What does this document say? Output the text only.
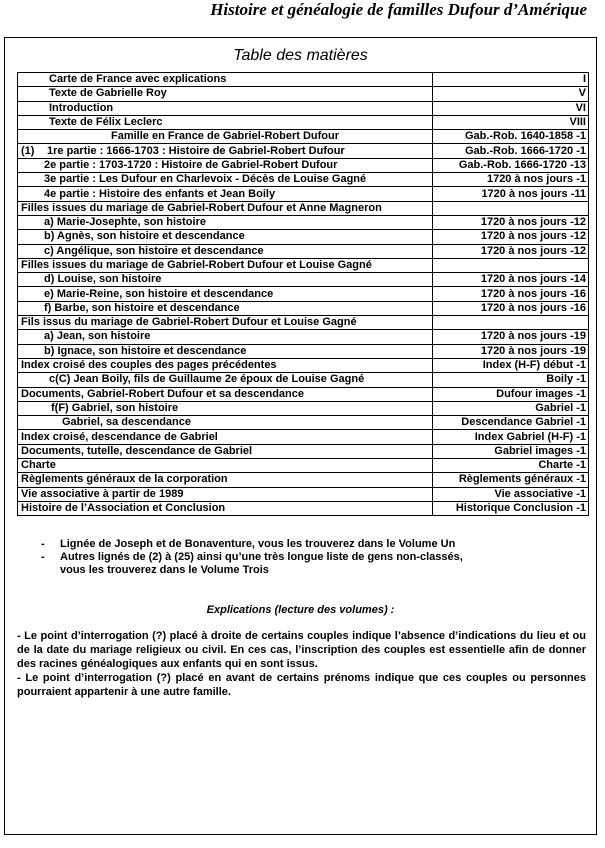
Histoire et généalogie de familles Dufour d’Amérique
Table des matières
Carte de France avec explications	I
Texte de Gabrielle Roy	V
Introduction	VI
Texte de Félix Leclerc	VIII
Famille en France de Gabriel-Robert Dufour	Gab.-Rob. 1640-1858 -1
(1) 1re partie : 1666-1703 : Histoire de Gabriel-Robert Dufour	Gab.-Rob. 1666-1720 -1
2e partie : 1703-1720 : Histoire de Gabriel-Robert Dufour	Gab.-Rob. 1666-1720 -13
3e partie : Les Dufour en Charlevoix - Décès de Louise Gagné	1720 à nos jours -1
4e partie : Histoire des enfants et Jean Boily	1720 à nos jours -11
Filles issues du mariage de Gabriel-Robert Dufour et Anne Magneron	
a) Marie-Josephte, son histoire	1720 à nos jours -12
b) Agnès, son histoire et descendance	1720 à nos jours -12
c) Angélique, son histoire et descendance	1720 à nos jours -12
Filles issues du mariage de Gabriel-Robert Dufour et Louise Gagné	
d) Louise, son histoire	1720 à nos jours -14
e) Marie-Reine, son histoire et descendance	1720 à nos jours -16
f) Barbe, son histoire et descendance	1720 à nos jours -16
Fils issus du mariage de Gabriel-Robert Dufour et Louise Gagné	
a) Jean, son histoire	1720 à nos jours -19
b) Ignace, son histoire et descendance	1720 à nos jours -19
Index croisé des couples des pages précédentes	Index (H-F) début -1
c(C) Jean Boily, fils de Guillaume 2e époux de Louise Gagné	Boily -1
Documents, Gabriel-Robert Dufour et sa descendance	Dufour images -1
f(F) Gabriel, son histoire	Gabriel -1
Gabriel, sa descendance	Descendance Gabriel -1
Index croisé, descendance de Gabriel	Index Gabriel (H-F) -1
Documents, tutelle, descendance de Gabriel	Gabriel images -1
Charte	Charte -1
Règlements généraux de la corporation	Règlements généraux -1
Vie associative à partir de 1989	Vie associative -1
Histoire de l’Association et Conclusion	Historique Conclusion -1
- Lignée de Joseph et de Bonaventure, vous les trouverez dans le Volume Un
- Autres lignés de (2) à (25) ainsi qu’une très longue liste de gens non-classés,
vous les trouverez dans le Volume Trois
Explications (lecture des volumes) :

- Le point d’interrogation (?) placé à droite de certains couples indique l’absence d’indications du lieu et ou de la date du mariage religieux ou civil. En ces cas, l’inscription des couples est essentielle afin de donner des racines généalogiques aux enfants qui en sont issus.

- Le point d’interrogation (?) placé en avant de certains prénoms indique que ces couples ou personnes pourraient appartenir à une autre famille.
